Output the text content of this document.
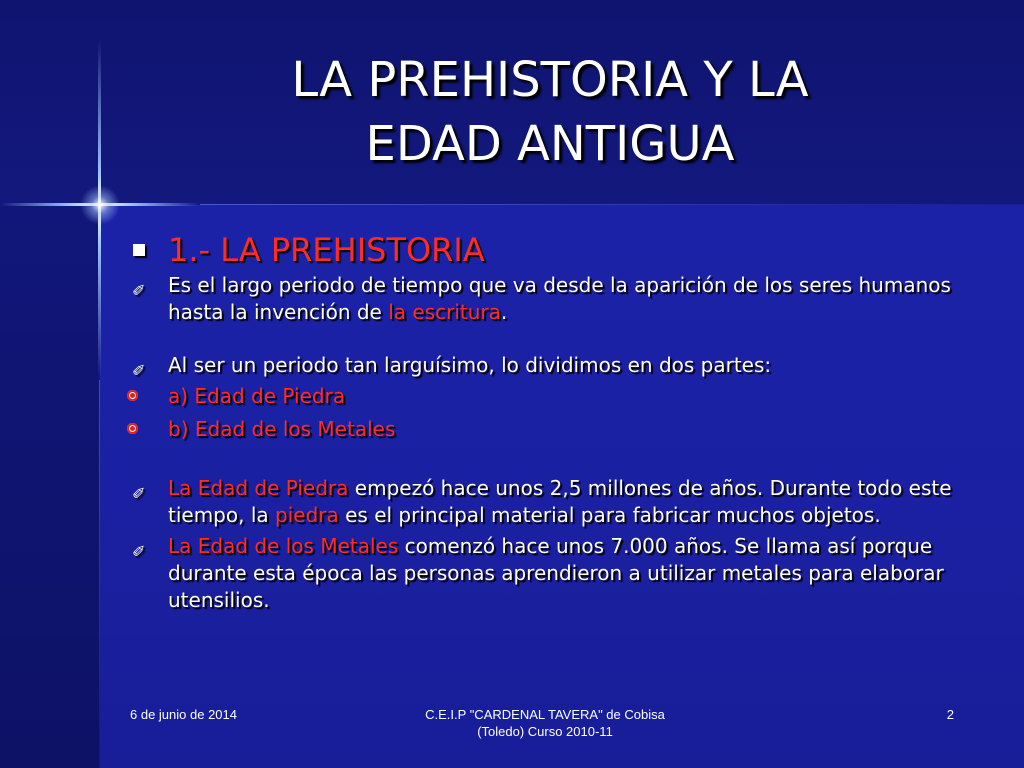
LA PREHISTORIA Y LA
EDAD ANTIGUA
1.- LA PREHISTORIA
✐ Es el largo periodo de tiempo que va desde la aparición de los seres humanos hasta la invención de la escritura.
✐ Al ser un periodo tan larguísimo, lo dividimos en dos partes:
a) Edad de Piedra
b) Edad de los Metales
✐ La Edad de Piedra empezó hace unos 2,5 millones de años. Durante todo este tiempo, la piedra es el principal material para fabricar muchos objetos.
✐ La Edad de los Metales comenzó hace unos 7.000 años. Se llama así porque durante esta época las personas aprendieron a utilizar metales para elaborar utensilios.
6 de junio de 2014	C.E.I.P "CARDENAL TAVERA" de Cobisa
(Toledo) Curso 2010-11
2
